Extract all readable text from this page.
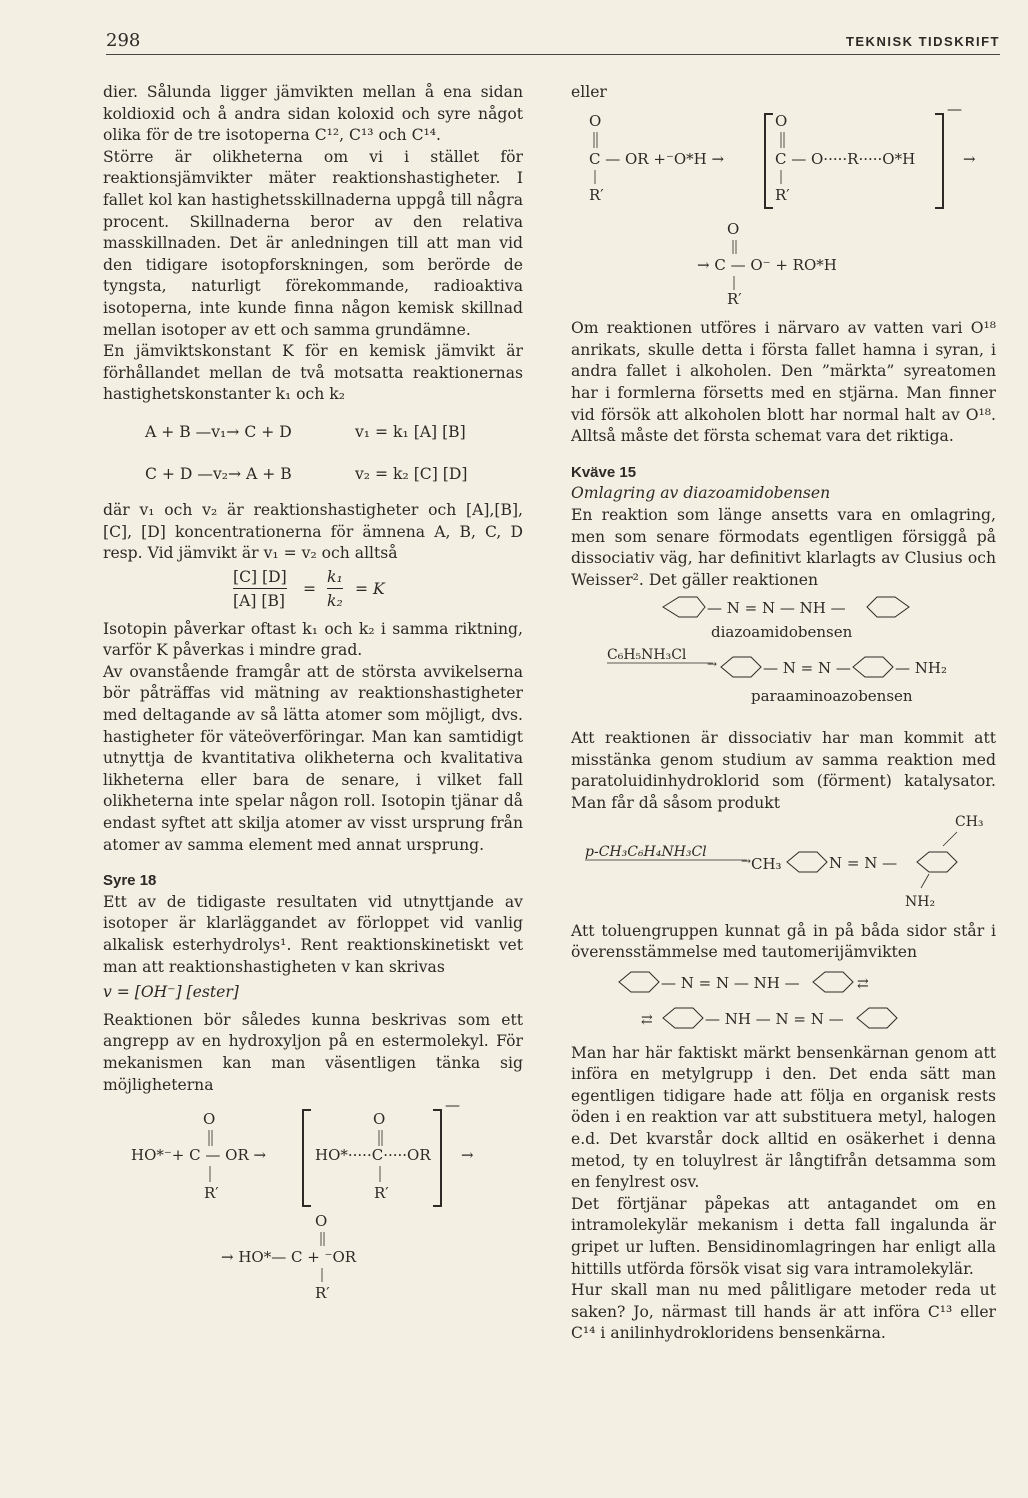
298	TEKNISK TIDSKRIFT

dier. Sålunda ligger jämvikten mellan å ena sidan koldioxid och å andra sidan koloxid och syre något olika för de tre isotoperna C¹², C¹³ och C¹⁴.

Större är olikheterna om vi i stället för reaktionsjämvikter mäter reaktionshastigheter. I fallet kol kan hastighetsskillnaderna uppgå till några procent. Skillnaderna beror av den relativa masskillnaden. Det är anledningen till att man vid den tidigare isotopforskningen, som berörde de tyngsta, naturligt förekommande, radioaktiva isotoperna, inte kunde finna någon kemisk skillnad mellan isotoper av ett och samma grundämne.

En jämviktskonstant K för en kemisk jämvikt är förhållandet mellan de två motsatta reaktionernas hastighetskonstanter k₁ och k₂

A + B —v₁→ C + D	v₁ = k₁ [A] [B]
C + D —v₂→ A + B	v₂ = k₂ [C] [D]

där v₁ och v₂ är reaktionshastigheter och [A],[B], [C], [D] koncentrationerna för ämnena A, B, C, D resp. Vid jämvikt är v₁ = v₂ och alltså

[C] [D]
[A] [B]
=
k₁
k₂
= K

Isotopin påverkar oftast k₁ och k₂ i samma riktning, varför K påverkas i mindre grad.

Av ovanstående framgår att de största avvikelserna bör påträffas vid mätning av reaktionshastigheter med deltagande av så lätta atomer som möjligt, dvs. hastigheter för väteöverföringar. Man kan samtidigt utnyttja de kvantitativa olikheterna och kvalitativa likheterna eller bara de senare, i vilket fall olikheterna inte spelar någon roll. Isotopin tjänar då endast syftet att skilja atomer av visst ursprung från atomer av samma element med annat ursprung.

Syre 18

Ett av de tidigaste resultaten vid utnyttjande av isotoper är klarläggandet av förloppet vid vanlig alkalisk esterhydrolys¹. Rent reaktionskinetiskt vet man att reaktionshastigheten v kan skrivas

v = [OH⁻] [ester]

Reaktionen bör således kunna beskrivas som ett angrepp av en hydroxyljon på en estermolekyl. För mekanismen kan man väsentligen tänka sig möjligheterna

O
HO*⁻+ C — OR →
R′
O
HO*·····C·····OR
R′
—
→
O
→ HO*— C + ⁻OR
R′

eller

O
C — OR +⁻O*H →
R′
O
C — O·····R·····O*H
R′
—
→
O
→ C — O⁻ + RO*H
R′

Om reaktionen utföres i närvaro av vatten vari O¹⁸ anrikats, skulle detta i första fallet hamna i syran, i andra fallet i alkoholen. Den ”märkta” syreatomen har i formlerna försetts med en stjärna. Man finner vid försök att alkoholen blott har normal halt av O¹⁸. Alltså måste det första schemat vara det riktiga.

Kväve 15

Omlagring av diazoamidobensen

En reaktion som länge ansetts vara en omlagring, men som senare förmodats egentligen försiggå på dissociativ väg, har definitivt klarlagts av Clusius och Weisser². Det gäller reaktionen

— N = N — NH —
diazoamidobensen
C₆H₅NH₃Cl
→	— N = N —	— NH₂
paraaminoazobensen

Att reaktionen är dissociativ har man kommit att misstänka genom studium av samma reaktion med paratoluidinhydroklorid som (förment) katalysator. Man får då såsom produkt

CH₃
p-CH₃C₆H₄NH₃Cl
→ CH₃	N = N —
NH₂

Att toluengruppen kunnat gå in på båda sidor står i överensstämmelse med tautomerijämvikten

— N = N — NH —	⇄
⇄	— NH — N = N —

Man har här faktiskt märkt bensenkärnan genom att införa en metylgrupp i den. Det enda sätt man egentligen tidigare hade att följa en organisk rests öden i en reaktion var att substituera metyl, halogen e.d. Det kvarstår dock alltid en osäkerhet i denna metod, ty en toluylrest är långtifrån detsamma som en fenylrest osv.

Det förtjänar påpekas att antagandet om en intramolekylär mekanism i detta fall ingalunda är gripet ur luften. Bensidinomlagringen har enligt alla hittills utförda försök visat sig vara intramolekylär.

Hur skall man nu med pålitligare metoder reda ut saken? Jo, närmast till hands är att införa C¹³ eller C¹⁴ i anilinhydrokloridens bensenkärna.
